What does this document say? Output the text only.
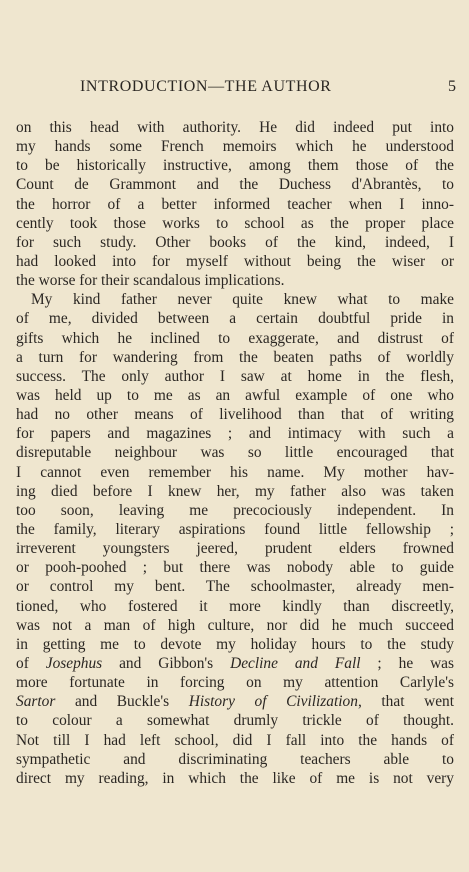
INTRODUCTION—THE AUTHOR	5
on this head with authority. He did indeed put into
my hands some French memoirs which he understood
to be historically instructive, among them those of the
Count de Grammont and the Duchess d'Abrantès, to
the horror of a better informed teacher when I inno-
cently took those works to school as the proper place
for such study. Other books of the kind, indeed, I
had looked into for myself without being the wiser or
the worse for their scandalous implications.
My kind father never quite knew what to make
of me, divided between a certain doubtful pride in
gifts which he inclined to exaggerate, and distrust of
a turn for wandering from the beaten paths of worldly
success. The only author I saw at home in the flesh,
was held up to me as an awful example of one who
had no other means of livelihood than that of writing
for papers and magazines ; and intimacy with such a
disreputable neighbour was so little encouraged that
I cannot even remember his name. My mother hav-
ing died before I knew her, my father also was taken
too soon, leaving me precociously independent. In
the family, literary aspirations found little fellowship ;
irreverent youngsters jeered, prudent elders frowned
or pooh-poohed ; but there was nobody able to guide
or control my bent. The schoolmaster, already men-
tioned, who fostered it more kindly than discreetly,
was not a man of high culture, nor did he much succeed
in getting me to devote my holiday hours to the study
of Josephus and Gibbon's Decline and Fall ; he was
more fortunate in forcing on my attention Carlyle's
Sartor and Buckle's History of Civilization, that went
to colour a somewhat drumly trickle of thought.
Not till I had left school, did I fall into the hands of
sympathetic and discriminating teachers able to
direct my reading, in which the like of me is not very
